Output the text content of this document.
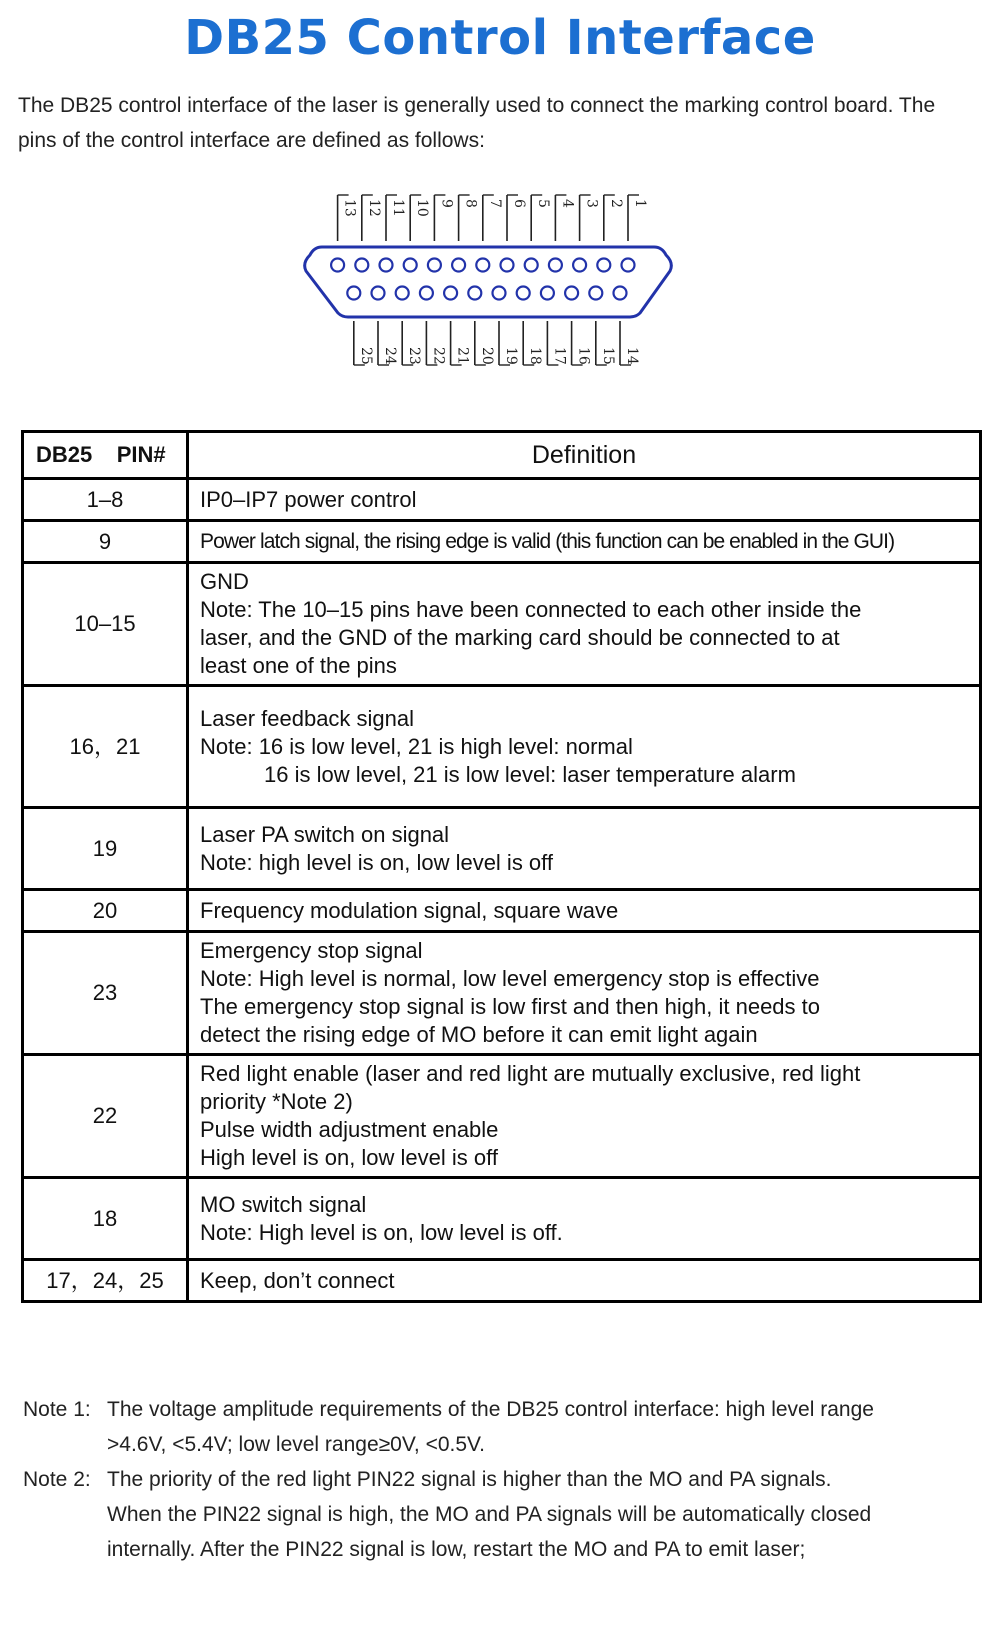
DB25 Control Interface
The DB25 control interface of the laser is generally used to connect the marking control board. The pins of the control interface are defined as follows:
1
2
3
4
5
6
7
8
9
10
11
12
13
14
15
16
17
18
19
20
21
22
23
24
25
DB25    PIN#	Definition
1–8	IP0–IP7 power control

9	Power latch signal, the rising edge is valid (this function can be enabled in the GUI)

10–15	GND
Note: The 10–15 pins have been connected to each other inside the
laser, and the GND of the marking card should be connected to at
least one of the pins

16，21	Laser feedback signal
Note: 16 is low level, 21 is high level: normal
16 is low level, 21 is low level: laser temperature alarm

19	Laser PA switch on signal
Note: high level is on, low level is off

20	Frequency modulation signal, square wave

23	Emergency stop signal
Note: High level is normal, low level emergency stop is effective
The emergency stop signal is low first and then high, it needs to
detect the rising edge of MO before it can emit light again

22	Red light enable (laser and red light are mutually exclusive, red light
priority *Note 2)
Pulse width adjustment enable
High level is on, low level is off

18	MO switch signal
Note: High level is on, low level is off.

17，24，25	Keep, don’t connect
Note 1: The voltage amplitude requirements of the DB25 control interface: high level range
>4.6V, <5.4V; low level range≥0V, <0.5V.
Note 2: The priority of the red light PIN22 signal is higher than the MO and PA signals.
When the PIN22 signal is high, the MO and PA signals will be automatically closed
internally. After the PIN22 signal is low, restart the MO and PA to emit laser;
